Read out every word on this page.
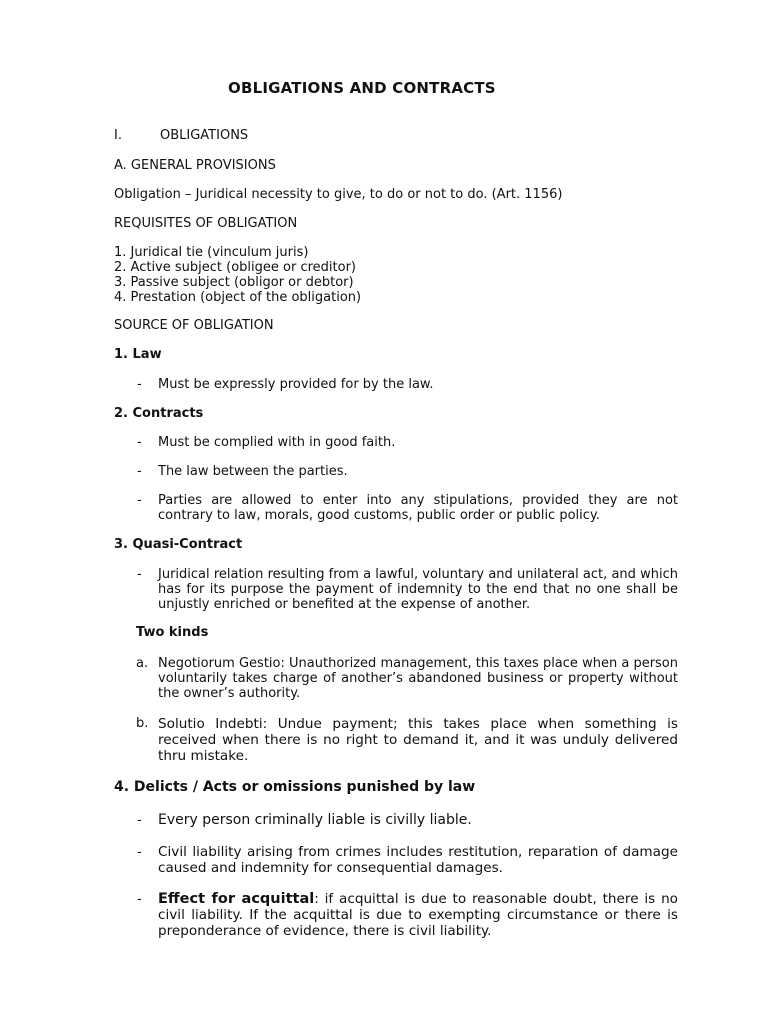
OBLIGATIONS AND CONTRACTS
I.	OBLIGATIONS
A. GENERAL PROVISIONS
Obligation – Juridical necessity to give, to do or not to do. (Art. 1156)
REQUISITES OF OBLIGATION
1. Juridical tie (vinculum juris)
2. Active subject (obligee or creditor)
3. Passive subject (obligor or debtor)
4. Prestation (object of the obligation)
SOURCE OF OBLIGATION
1. Law
- Must be expressly provided for by the law.
2. Contracts
- Must be complied with in good faith.
- The law between the parties.
- Parties are allowed to enter into any stipulations, provided they are not contrary to law, morals, good customs, public order or public policy.
3. Quasi-Contract
- Juridical relation resulting from a lawful, voluntary and unilateral act, and which has for its purpose the payment of indemnity to the end that no one shall be unjustly enriched or benefited at the expense of another.
Two kinds
a. Negotiorum Gestio: Unauthorized management, this taxes place when a person voluntarily takes charge of another’s abandoned business or property without the owner’s authority.
b. Solutio Indebti: Undue payment; this takes place when something is received when there is no right to demand it, and it was unduly delivered thru mistake.
4. Delicts / Acts or omissions punished by law
- Every person criminally liable is civilly liable.
- Civil liability arising from crimes includes restitution, reparation of damage caused and indemnity for consequential damages.
- Effect for acquittal: if acquittal is due to reasonable doubt, there is no civil liability. If the acquittal is due to exempting circumstance or there is preponderance of evidence, there is civil liability.
